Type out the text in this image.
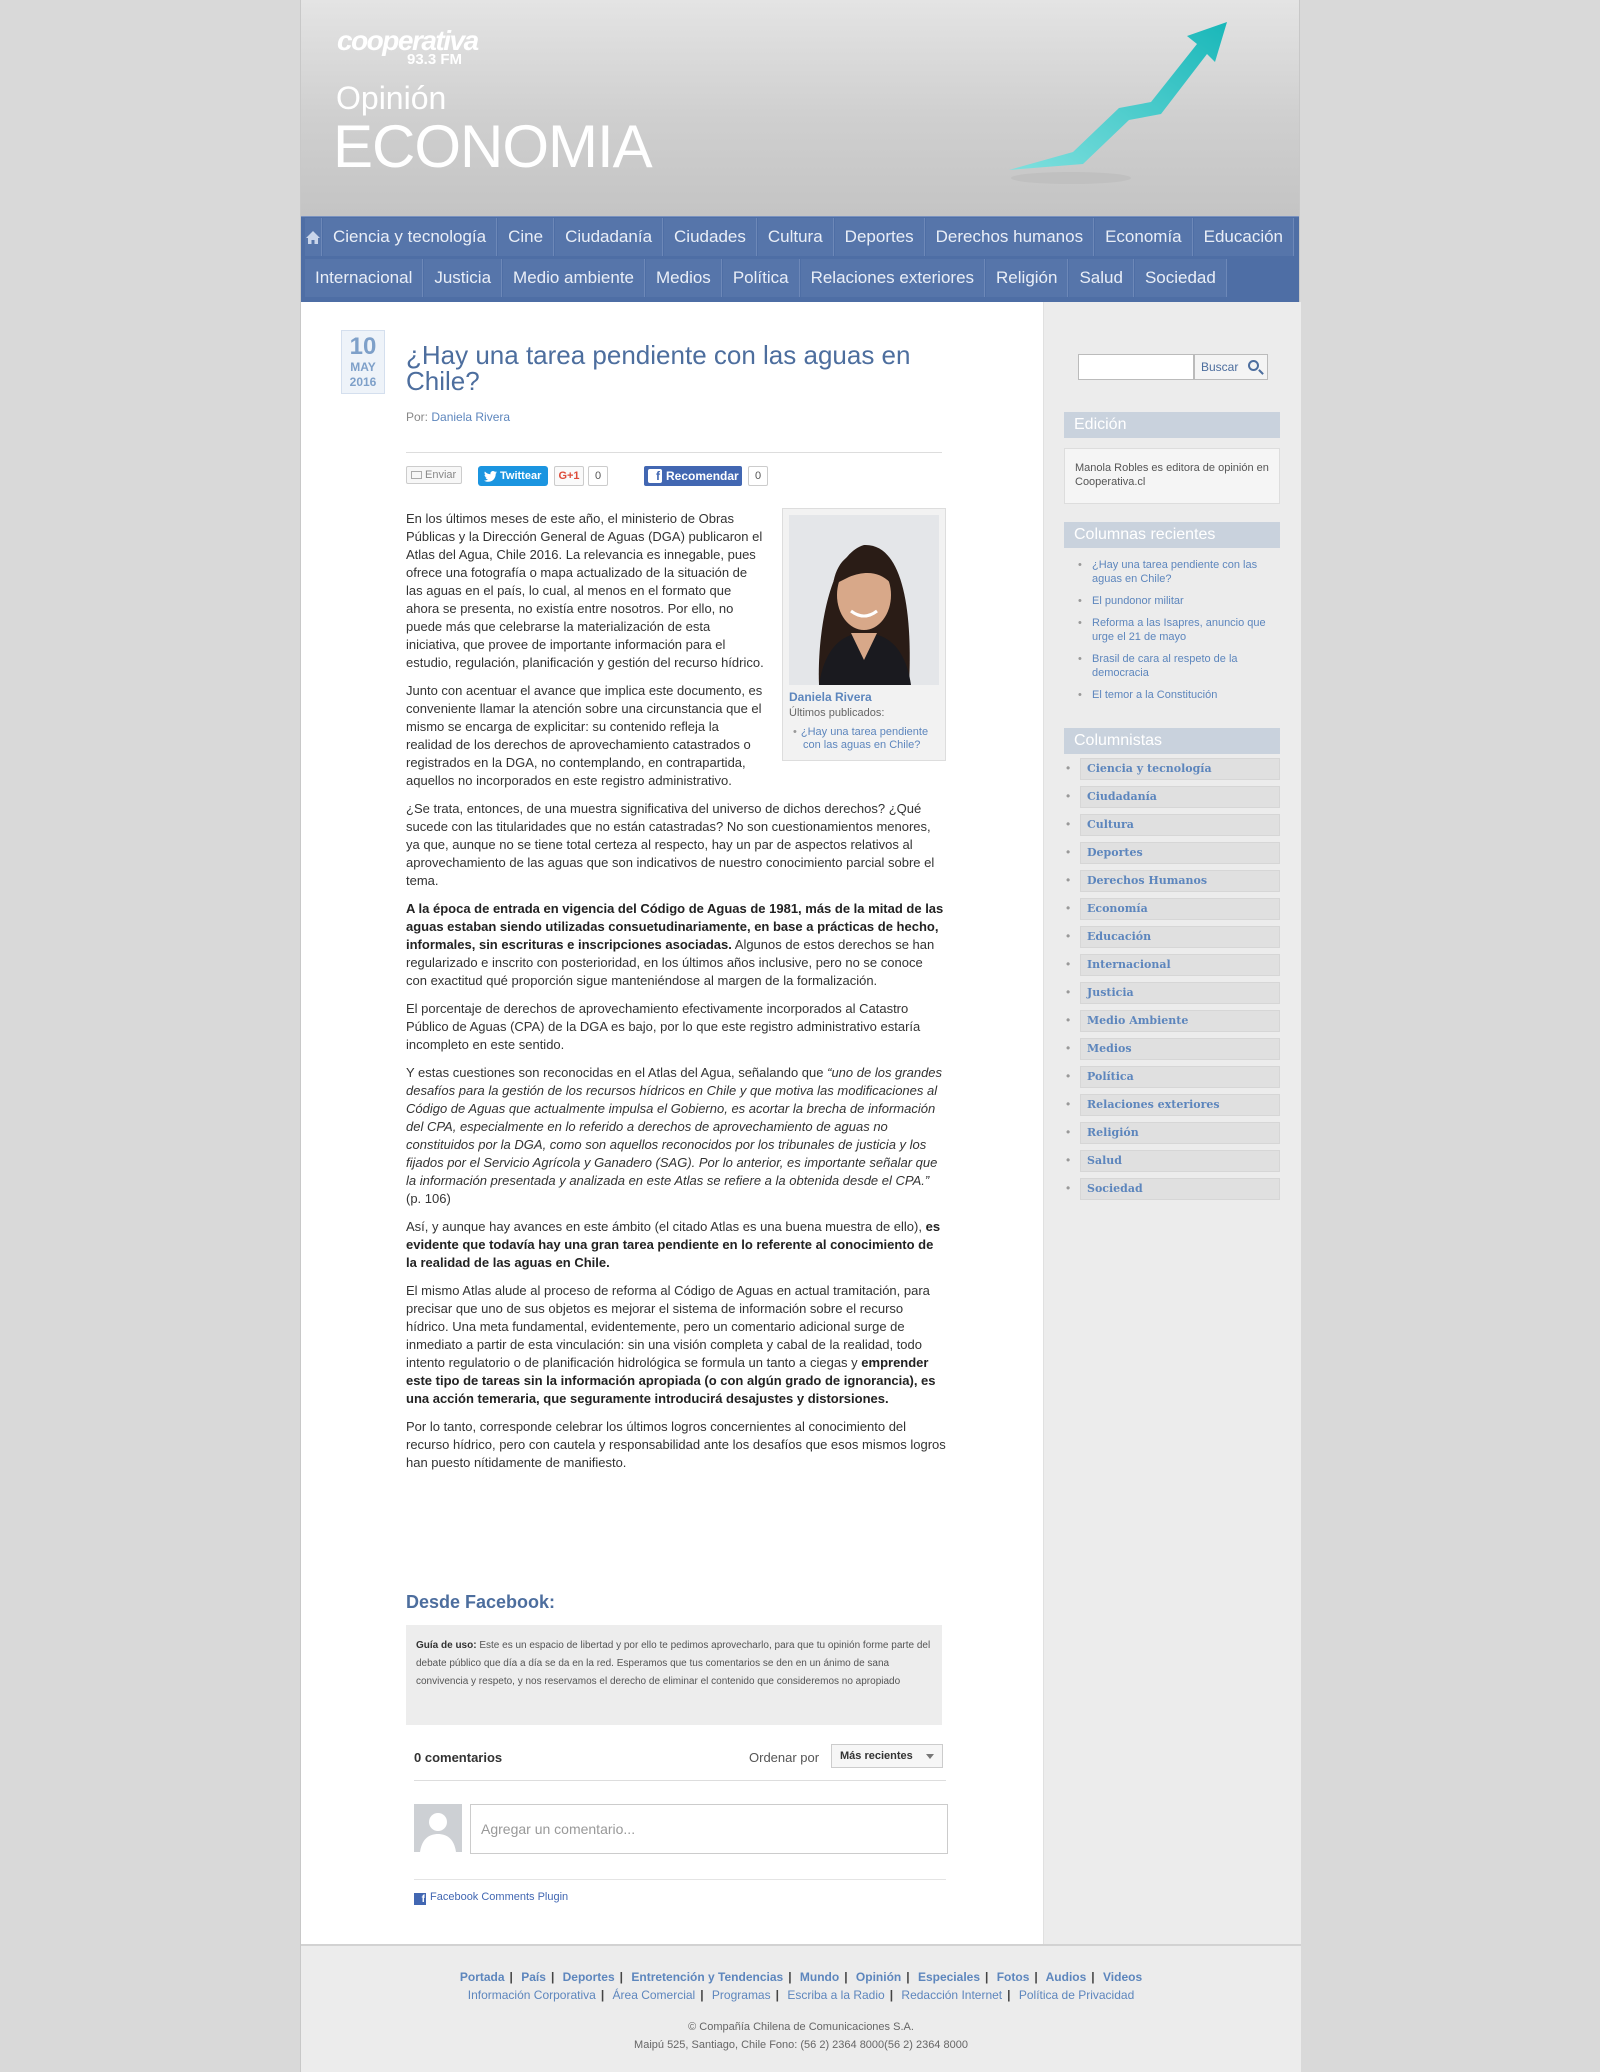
cooperativa
93.3 FM
Opinión
ECONOMIA
Ciencia y tecnología	Cine	Ciudadanía	Ciudades	Cultura	Deportes	Derechos humanos	Economía	Educación
Internacional	Justicia	Medio ambiente	Medios	Política	Relaciones exteriores	Religión	Salud	Sociedad
10
MAY
2016
¿Hay una tarea pendiente con las aguas en Chile?
Por: Daniela Rivera
Enviar	Twittear	G+1	0	f Recomendar	0
Daniela Rivera
Últimos publicados:
• ¿Hay una tarea pendiente con las aguas en Chile?

En los últimos meses de este año, el ministerio de Obras Públicas y la Dirección General de Aguas (DGA) publicaron el Atlas del Agua, Chile 2016. La relevancia es innegable, pues ofrece una fotografía o mapa actualizado de la situación de las aguas en el país, lo cual, al menos en el formato que ahora se presenta, no existía entre nosotros. Por ello, no puede más que celebrarse la materialización de esta iniciativa, que provee de importante información para el estudio, regulación, planificación y gestión del recurso hídrico.

Junto con acentuar el avance que implica este documento, es conveniente llamar la atención sobre una circunstancia que el mismo se encarga de explicitar: su contenido refleja la realidad de los derechos de aprovechamiento catastrados o registrados en la DGA, no contemplando, en contrapartida, aquellos no incorporados en este registro administrativo.

¿Se trata, entonces, de una muestra significativa del universo de dichos derechos? ¿Qué sucede con las titularidades que no están catastradas? No son cuestionamientos menores, ya que, aunque no se tiene total certeza al respecto, hay un par de aspectos relativos al aprovechamiento de las aguas que son indicativos de nuestro conocimiento parcial sobre el tema.

A la época de entrada en vigencia del Código de Aguas de 1981, más de la mitad de las aguas estaban siendo utilizadas consuetudinariamente, en base a prácticas de hecho, informales, sin escrituras e inscripciones asociadas. Algunos de estos derechos se han regularizado e inscrito con posterioridad, en los últimos años inclusive, pero no se conoce con exactitud qué proporción sigue manteniéndose al margen de la formalización.

El porcentaje de derechos de aprovechamiento efectivamente incorporados al Catastro Público de Aguas (CPA) de la DGA es bajo, por lo que este registro administrativo estaría incompleto en este sentido.

Y estas cuestiones son reconocidas en el Atlas del Agua, señalando que “uno de los grandes desafíos para la gestión de los recursos hídricos en Chile y que motiva las modificaciones al Código de Aguas que actualmente impulsa el Gobierno, es acortar la brecha de información del CPA, especialmente en lo referido a derechos de aprovechamiento de aguas no constituidos por la DGA, como son aquellos reconocidos por los tribunales de justicia y los fijados por el Servicio Agrícola y Ganadero (SAG). Por lo anterior, es importante señalar que la información presentada y analizada en este Atlas se refiere a la obtenida desde el CPA.” (p. 106)

Así, y aunque hay avances en este ámbito (el citado Atlas es una buena muestra de ello), es evidente que todavía hay una gran tarea pendiente en lo referente al conocimiento de la realidad de las aguas en Chile.

El mismo Atlas alude al proceso de reforma al Código de Aguas en actual tramitación, para precisar que uno de sus objetos es mejorar el sistema de información sobre el recurso hídrico. Una meta fundamental, evidentemente, pero un comentario adicional surge de inmediato a partir de esta vinculación: sin una visión completa y cabal de la realidad, todo intento regulatorio o de planificación hidrológica se formula un tanto a ciegas y emprender este tipo de tareas sin la información apropiada (o con algún grado de ignorancia), es una acción temeraria, que seguramente introducirá desajustes y distorsiones.

Por lo tanto, corresponde celebrar los últimos logros concernientes al conocimiento del recurso hídrico, pero con cautela y responsabilidad ante los desafíos que esos mismos logros han puesto nítidamente de manifiesto.

Desde Facebook:
Guía de uso: Este es un espacio de libertad y por ello te pedimos aprovecharlo, para que tu opinión forme parte del debate público que día a día se da en la red. Esperamos que tus comentarios se den en un ánimo de sana convivencia y respeto, y nos reservamos el derecho de eliminar el contenido que consideremos no apropiado
0 comentarios	Ordenar por	Más recientes
Agregar un comentario...
f Facebook Comments Plugin
Buscar
Edición
Manola Robles es editora de opinión en Cooperativa.cl
Columnas recientes
• ¿Hay una tarea pendiente con las aguas en Chile?
• El pundonor militar
• Reforma a las Isapres, anuncio que urge el 21 de mayo
• Brasil de cara al respeto de la democracia
• El temor a la Constitución
Columnistas
• Ciencia y tecnología
• Ciudadanía
• Cultura
• Deportes
• Derechos Humanos
• Economía
• Educación
• Internacional
• Justicia
• Medio Ambiente
• Medios
• Política
• Relaciones exteriores
• Religión
• Salud
• Sociedad
Portada | País | Deportes | Entretención y Tendencias | Mundo | Opinión | Especiales | Fotos | Audios | Videos
Información Corporativa | Área Comercial | Programas | Escriba a la Radio | Redacción Internet | Política de Privacidad
© Compañía Chilena de Comunicaciones S.A.
Maipú 525, Santiago, Chile Fono: (56 2) 2364 8000(56 2) 2364 8000
